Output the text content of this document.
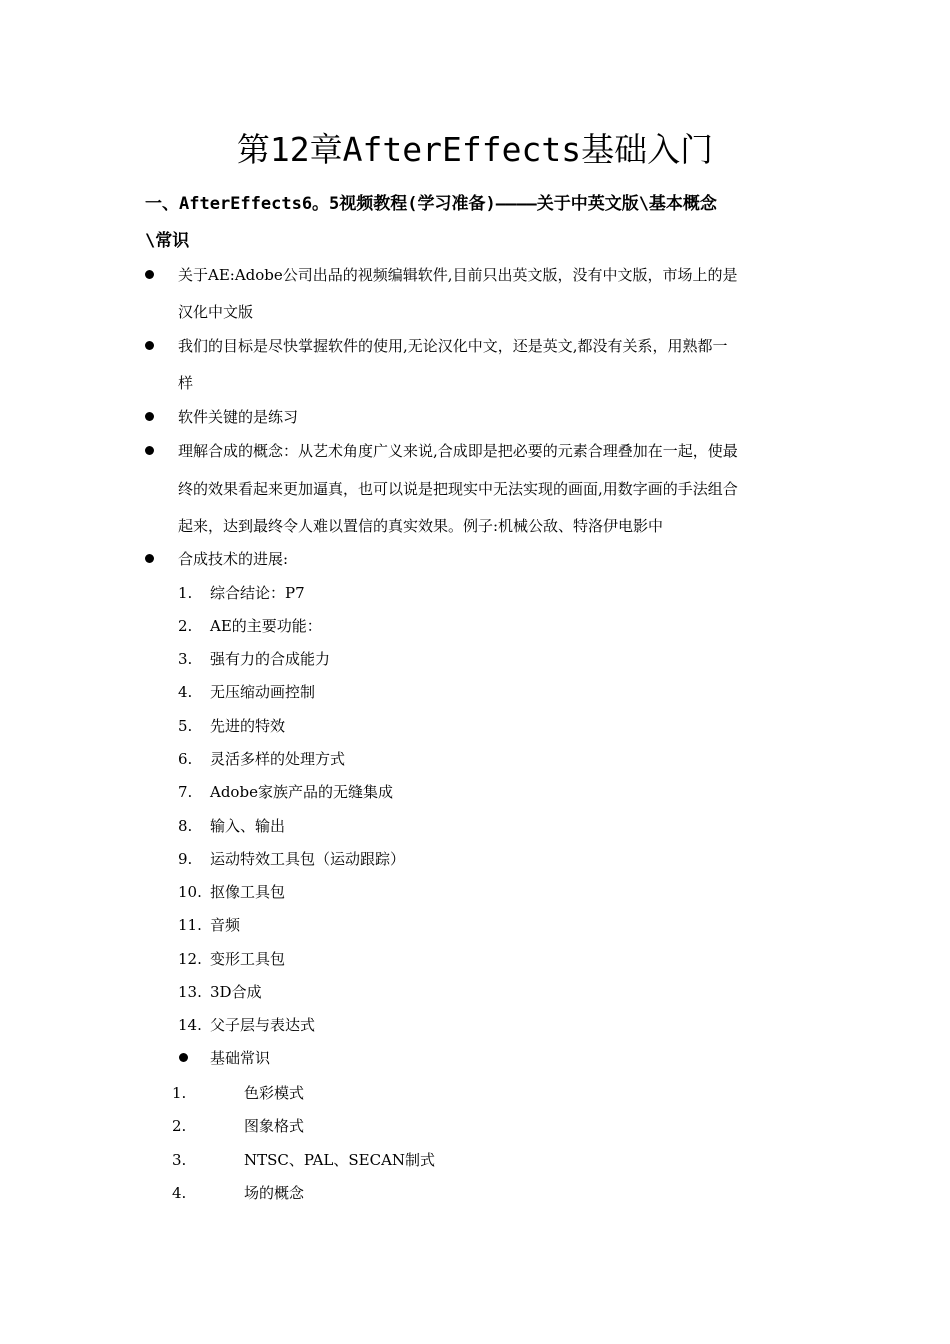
第12章AfterEffects基础入门
一、AfterEffects6。5视频教程(学习准备)————关于中英文版\基本概念
\常识
关于AE:Adobe公司出品的视频编辑软件,目前只出英文版，没有中文版，市场上的是
汉化中文版
我们的目标是尽快掌握软件的使用,无论汉化中文，还是英文,都没有关系，用熟都一
样
软件关键的是练习
理解合成的概念：从艺术角度广义来说,合成即是把必要的元素合理叠加在一起，使最
终的效果看起来更加逼真，也可以说是把现实中无法实现的画面,用数字画的手法组合
起来，达到最终令人难以置信的真实效果。例子:机械公敌、特洛伊电影中
合成技术的进展:
1. 综合结论：P7
2. AE的主要功能：
3. 强有力的合成能力
4. 无压缩动画控制
5. 先进的特效
6. 灵活多样的处理方式
7. Adobe家族产品的无缝集成
8. 输入、输出
9. 运动特效工具包（运动跟踪）
10. 抠像工具包
11. 音频
12. 变形工具包
13. 3D合成
14. 父子层与表达式
基础常识
1.	色彩模式
2.	图象格式
3.	NTSC、PAL、SECAN制式
4.	场的概念
